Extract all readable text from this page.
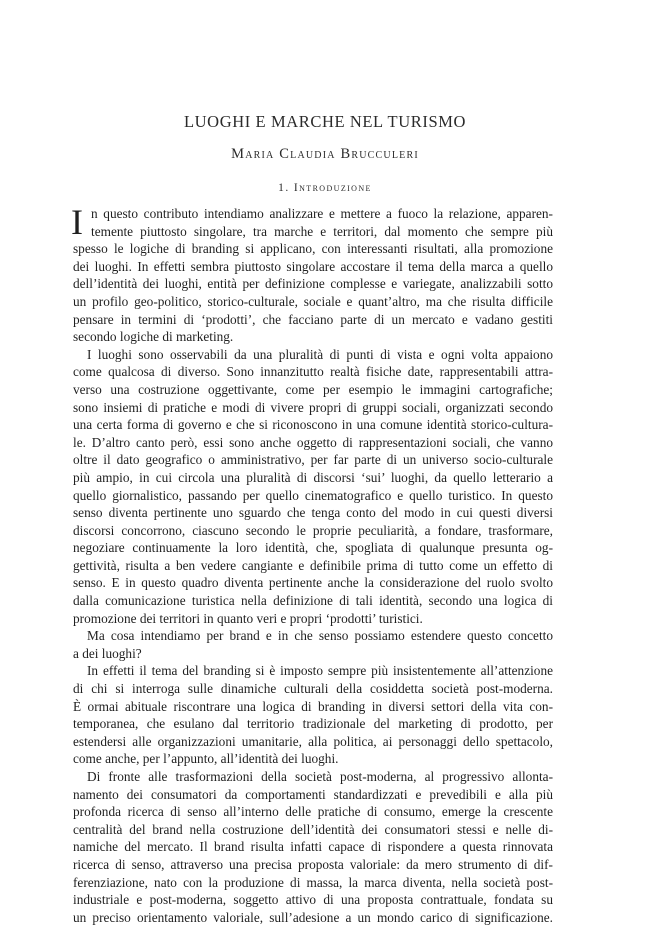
LUOGHI E MARCHE NEL TURISMO
Maria Claudia Brucculeri
1. Introduzione
I n questo contributo intendiamo analizzare e mettere a fuoco la relazione, apparen-
temente piuttosto singolare, tra marche e territori, dal momento che sempre più
spesso le logiche di branding si applicano, con interessanti risultati, alla promozione
dei luoghi. In effetti sembra piuttosto singolare accostare il tema della marca a quello
dell’identità dei luoghi, entità per definizione complesse e variegate, analizzabili sotto
un profilo geo-politico, storico-culturale, sociale e quant’altro, ma che risulta difficile
pensare in termini di ‘prodotti’, che facciano parte di un mercato e vadano gestiti
secondo logiche di marketing.
I luoghi sono osservabili da una pluralità di punti di vista e ogni volta appaiono
come qualcosa di diverso. Sono innanzitutto realtà fisiche date, rappresentabili attra-
verso una costruzione oggettivante, come per esempio le immagini cartografiche;
sono insiemi di pratiche e modi di vivere propri di gruppi sociali, organizzati secondo
una certa forma di governo e che si riconoscono in una comune identità storico-cultura-
le. D’altro canto però, essi sono anche oggetto di rappresentazioni sociali, che vanno
oltre il dato geografico o amministrativo, per far parte di un universo socio-culturale
più ampio, in cui circola una pluralità di discorsi ‘sui’ luoghi, da quello letterario a
quello giornalistico, passando per quello cinematografico e quello turistico. In questo
senso diventa pertinente uno sguardo che tenga conto del modo in cui questi diversi
discorsi concorrono, ciascuno secondo le proprie peculiarità, a fondare, trasformare,
negoziare continuamente la loro identità, che, spogliata di qualunque presunta og-
gettività, risulta a ben vedere cangiante e definibile prima di tutto come un effetto di
senso. E in questo quadro diventa pertinente anche la considerazione del ruolo svolto
dalla comunicazione turistica nella definizione di tali identità, secondo una logica di
promozione dei territori in quanto veri e propri ‘prodotti’ turistici.
Ma cosa intendiamo per brand e in che senso possiamo estendere questo concetto
a dei luoghi?
In effetti il tema del branding si è imposto sempre più insistentemente all’attenzione
di chi si interroga sulle dinamiche culturali della cosiddetta società post-moderna.
È ormai abituale riscontrare una logica di branding in diversi settori della vita con-
temporanea, che esulano dal territorio tradizionale del marketing di prodotto, per
estendersi alle organizzazioni umanitarie, alla politica, ai personaggi dello spettacolo,
come anche, per l’appunto, all’identità dei luoghi.
Di fronte alle trasformazioni della società post-moderna, al progressivo allonta-
namento dei consumatori da comportamenti standardizzati e prevedibili e alla più
profonda ricerca di senso all’interno delle pratiche di consumo, emerge la crescente
centralità del brand nella costruzione dell’identità dei consumatori stessi e nelle di-
namiche del mercato. Il brand risulta infatti capace di rispondere a questa rinnovata
ricerca di senso, attraverso una precisa proposta valoriale: da mero strumento di dif-
ferenziazione, nato con la produzione di massa, la marca diventa, nella società post-
industriale e post-moderna, soggetto attivo di una proposta contrattuale, fondata su
un preciso orientamento valoriale, sull’adesione a un mondo carico di significazione.
